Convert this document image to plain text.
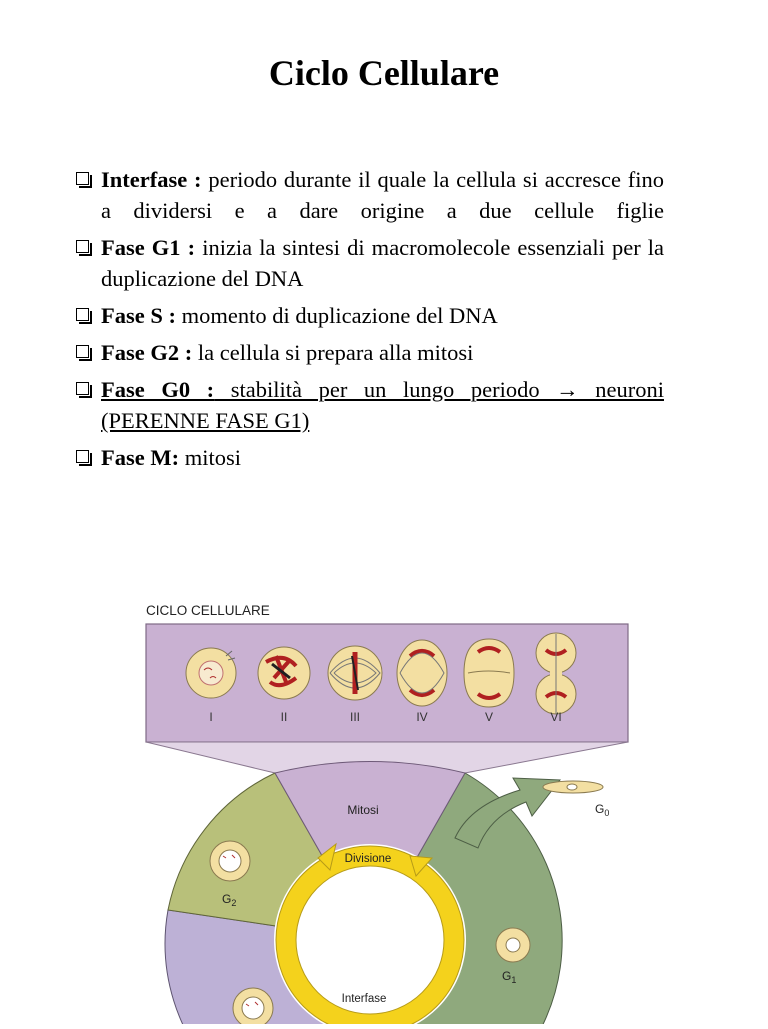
Ciclo Cellulare
Interfase : periodo durante il quale la cellula si accresce fino a dividersi e a dare origine a due cellule figlie
Fase G1 : inizia la sintesi di macromolecole essenziali per la duplicazione del DNA
Fase S : momento di duplicazione del DNA
Fase G2 : la cellula si prepara alla mitosi
Fase G0 : stabilità per un lungo periodo → neuroni (PERENNE FASE G1)
Fase M: mitosi
CICLO CELLULARE
I	II	III	IV	V	VI
Mitosi
Divisione
Interfase
$G_0$
$G_1$
$G_2$
